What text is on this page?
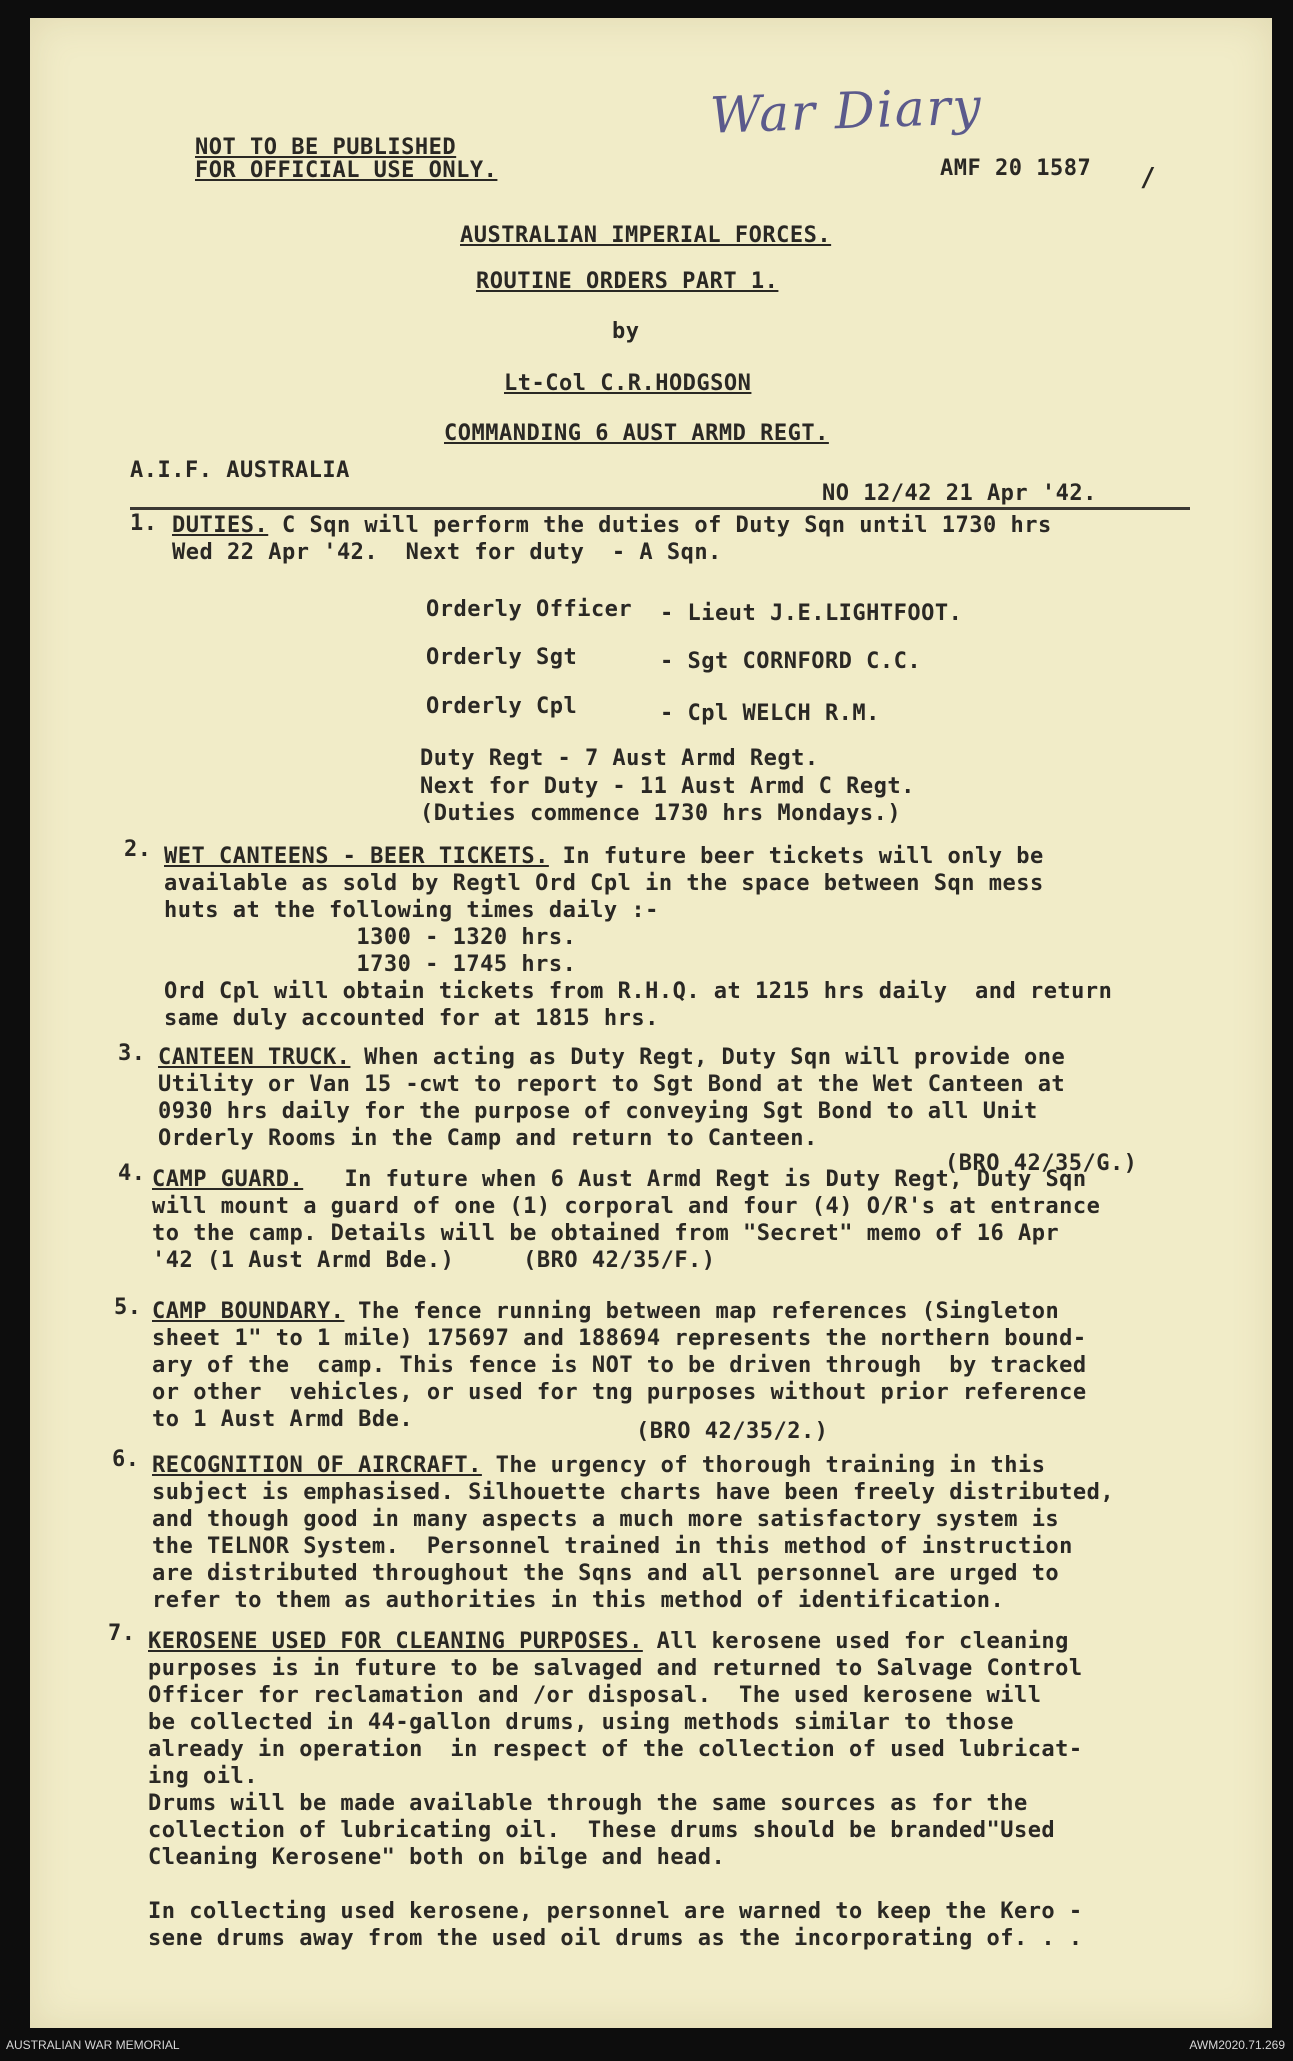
War Diary
/
NOT TO BE PUBLISHED
FOR OFFICIAL USE ONLY.	AMF 20 1587
AUSTRALIAN IMPERIAL FORCES.
ROUTINE ORDERS PART 1.
by
Lt-Col C.R.HODGSON
COMMANDING 6 AUST ARMD REGT.
A.I.F. AUSTRALIA
NO 12/42 21 Apr '42.
1. DUTIES. C Sqn will perform the duties of Duty Sqn until 1730 hrs
Wed 22 Apr '42.  Next for duty  - A Sqn.
Orderly Officer - Lieut J.E.LIGHTFOOT.
Orderly Sgt	- Sgt CORNFORD C.C.
Orderly Cpl	- Cpl WELCH R.M.
Duty Regt - 7 Aust Armd Regt.
Next for Duty - 11 Aust Armd C Regt.
(Duties commence 1730 hrs Mondays.)
2. WET CANTEENS - BEER TICKETS. In future beer tickets will only be
available as sold by Regtl Ord Cpl in the space between Sqn mess
huts at the following times daily :-
1300 - 1320 hrs.
1730 - 1745 hrs.
Ord Cpl will obtain tickets from R.H.Q. at 1215 hrs daily  and return
same duly accounted for at 1815 hrs.
3. CANTEEN TRUCK. When acting as Duty Regt, Duty Sqn will provide one
Utility or Van 15 -cwt to report to Sgt Bond at the Wet Canteen at
0930 hrs daily for the purpose of conveying Sgt Bond to all Unit
Orderly Rooms in the Camp and return to Canteen.
(BRO 42/35/G.)
4. CAMP GUARD.   In future when 6 Aust Armd Regt is Duty Regt, Duty Sqn
will mount a guard of one (1) corporal and four (4) O/R's at entrance
to the camp. Details will be obtained from "Secret" memo of 16 Apr
'42 (1 Aust Armd Bde.)     (BRO 42/35/F.)
5. CAMP BOUNDARY. The fence running between map references (Singleton
sheet 1" to 1 mile) 175697 and 188694 represents the northern bound-
ary of the  camp. This fence is NOT to be driven through  by tracked
or other  vehicles, or used for tng purposes without prior reference
to 1 Aust Armd Bde.	(BRO 42/35/2.)
6. RECOGNITION OF AIRCRAFT. The urgency of thorough training in this
subject is emphasised. Silhouette charts have been freely distributed,
and though good in many aspects a much more satisfactory system is
the TELNOR System.  Personnel trained in this method of instruction
are distributed throughout the Sqns and all personnel are urged to
refer to them as authorities in this method of identification.
7. KEROSENE USED FOR CLEANING PURPOSES. All kerosene used for cleaning
purposes is in future to be salvaged and returned to Salvage Control
Officer for reclamation and /or disposal.  The used kerosene will
be collected in 44-gallon drums, using methods similar to those
already in operation  in respect of the collection of used lubricat-
ing oil.
Drums will be made available through the same sources as for the
collection of lubricating oil.  These drums should be branded"Used
Cleaning Kerosene" both on bilge and head.

In collecting used kerosene, personnel are warned to keep the Kero -
sene drums away from the used oil drums as the incorporating of. . .
AUSTRALIAN WAR MEMORIAL	AWM2020.71.269
